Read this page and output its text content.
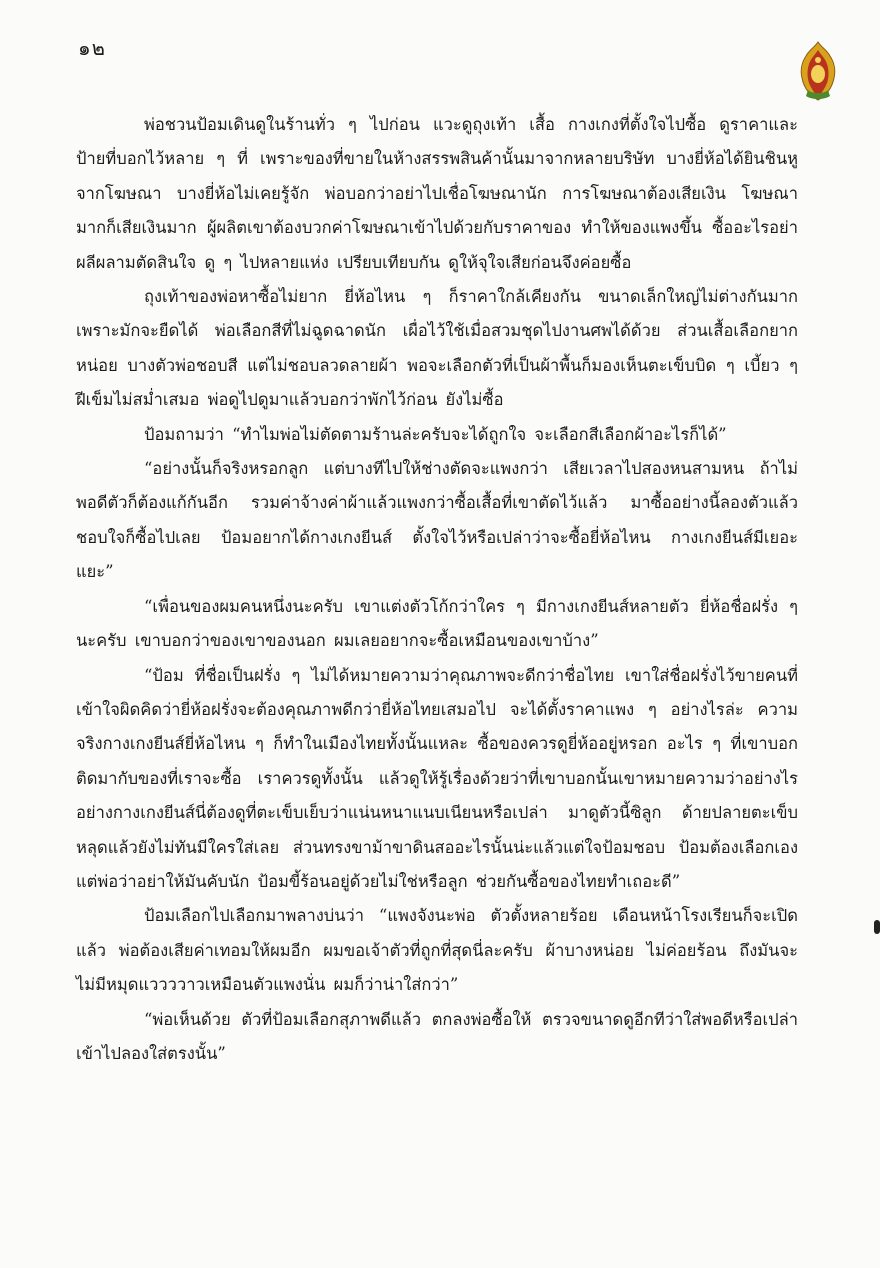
๑๒

พ่อชวนป้อมเดินดูในร้านทั่ว ๆ ไปก่อน แวะดูถุงเท้า เสื้อ กางเกงที่ตั้งใจไปซื้อ ดูราคาและป้ายที่บอกไว้หลาย ๆ ที่ เพราะของที่ขายในห้างสรรพสินค้านั้นมาจากหลายบริษัท บางยี่ห้อได้ยินชินหูจากโฆษณา บางยี่ห้อไม่เคยรู้จัก พ่อบอกว่าอย่าไปเชื่อโฆษณานัก การโฆษณาต้องเสียเงิน โฆษณามากก็เสียเงินมาก ผู้ผลิตเขาต้องบวกค่าโฆษณาเข้าไปด้วยกับราคาของ ทำให้ของแพงขึ้น ซื้ออะไรอย่าผลีผลามตัดสินใจ ดู ๆ ไปหลายแห่ง เปรียบเทียบกัน ดูให้จุใจเสียก่อนจึงค่อยซื้อ

ถุงเท้าของพ่อหาซื้อไม่ยาก ยี่ห้อไหน ๆ ก็ราคาใกล้เคียงกัน ขนาดเล็กใหญ่ไม่ต่างกันมาก เพราะมักจะยืดได้ พ่อเลือกสีที่ไม่ฉูดฉาดนัก เผื่อไว้ใช้เมื่อสวมชุดไปงานศพได้ด้วย ส่วนเสื้อเลือกยากหน่อย บางตัวพ่อชอบสี แต่ไม่ชอบลวดลายผ้า พอจะเลือกตัวที่เป็นผ้าพื้นก็มองเห็นตะเข็บบิด ๆ เบี้ยว ๆ ฝีเข็มไม่สม่ำเสมอ พ่อดูไปดูมาแล้วบอกว่าพักไว้ก่อน ยังไม่ซื้อ

ป้อมถามว่า “ทำไมพ่อไม่ตัดตามร้านล่ะครับจะได้ถูกใจ จะเลือกสีเลือกผ้าอะไรก็ได้”

“อย่างนั้นก็จริงหรอกลูก แต่บางทีไปให้ช่างตัดจะแพงกว่า เสียเวลาไปสองหนสามหน ถ้าไม่พอดีตัวก็ต้องแก้กันอีก รวมค่าจ้างค่าผ้าแล้วแพงกว่าซื้อเสื้อที่เขาตัดไว้แล้ว มาซื้ออย่างนี้ลองตัวแล้วชอบใจก็ซื้อไปเลย ป้อมอยากได้กางเกงยีนส์ ตั้งใจไว้หรือเปล่าว่าจะซื้อยี่ห้อไหน กางเกงยีนส์มีเยอะแยะ”

“เพื่อนของผมคนหนึ่งนะครับ เขาแต่งตัวโก้กว่าใคร ๆ มีกางเกงยีนส์หลายตัว ยี่ห้อชื่อฝรั่ง ๆ นะครับ เขาบอกว่าของเขาของนอก ผมเลยอยากจะซื้อเหมือนของเขาบ้าง”

“ป้อม ที่ชื่อเป็นฝรั่ง ๆ ไม่ได้หมายความว่าคุณภาพจะดีกว่าชื่อไทย เขาใส่ชื่อฝรั่งไว้ขายคนที่เข้าใจผิดคิดว่ายี่ห้อฝรั่งจะต้องคุณภาพดีกว่ายี่ห้อไทยเสมอไป จะได้ตั้งราคาแพง ๆ อย่างไรล่ะ ความจริงกางเกงยีนส์ยี่ห้อไหน ๆ ก็ทำในเมืองไทยทั้งนั้นแหละ ซื้อของควรดูยี่ห้ออยู่หรอก อะไร ๆ ที่เขาบอกติดมากับของที่เราจะซื้อ เราควรดูทั้งนั้น แล้วดูให้รู้เรื่องด้วยว่าที่เขาบอกนั้นเขาหมายความว่าอย่างไร อย่างกางเกงยีนส์นี่ต้องดูที่ตะเข็บเย็บว่าแน่นหนาแนบเนียนหรือเปล่า มาดูตัวนี้ซิลูก ด้ายปลายตะเข็บหลุดแล้วยังไม่ทันมีใครใส่เลย ส่วนทรงขาม้าขาดินสออะไรนั้นน่ะแล้วแต่ใจป้อมชอบ ป้อมต้องเลือกเอง แต่พ่อว่าอย่าให้มันคับนัก ป้อมขี้ร้อนอยู่ด้วยไม่ใช่หรือลูก ช่วยกันซื้อของไทยทำเถอะดี”

ป้อมเลือกไปเลือกมาพลางบ่นว่า “แพงจังนะพ่อ ตัวตั้งหลายร้อย เดือนหน้าโรงเรียนก็จะเปิดแล้ว พ่อต้องเสียค่าเทอมให้ผมอีก ผมขอเจ้าตัวที่ถูกที่สุดนี่ละครับ ผ้าบางหน่อย ไม่ค่อยร้อน ถึงมันจะไม่มีหมุดแววววาวเหมือนตัวแพงนั่น ผมก็ว่าน่าใส่กว่า”

“พ่อเห็นด้วย ตัวที่ป้อมเลือกสุภาพดีแล้ว ตกลงพ่อซื้อให้ ตรวจขนาดดูอีกทีว่าใส่พอดีหรือเปล่า เข้าไปลองใส่ตรงนั้น”
